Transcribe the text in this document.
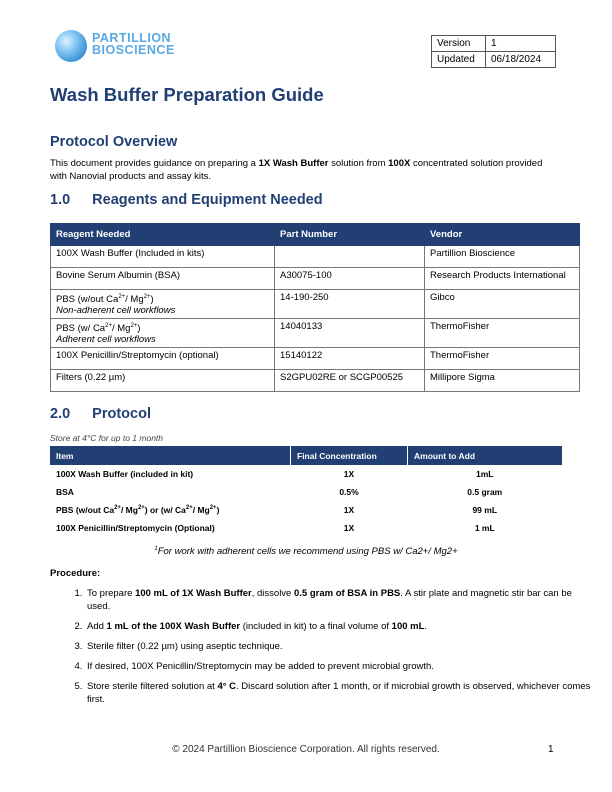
PARTILLION
BIOSCIENCE	Version	1
Updated	06/18/2024
Wash Buffer Preparation Guide
Protocol Overview
This document provides guidance on preparing a 1X Wash Buffer solution from 100X concentrated solution provided with Nanovial products and assay kits.
1.0 Reagents and Equipment Needed
Reagent Needed	Part Number	Vendor
100X Wash Buffer (Included in kits)		Partillion Bioscience
Bovine Serum Albumin (BSA)	A30075-100	Research Products International

PBS (w/out $Ca^{2+}/$ $Mg^{2+}$)
Non-adherent cell workflows	14-190-250	Gibco

PBS (w/ $Ca^{2+}/$ $Mg^{2+}$)
Adherent cell workflows	14040133	ThermoFisher
100X Penicillin/Streptomycin (optional)	15140122	ThermoFisher
Filters (0.22 µm)	S2GPU02RE or SCGP00525	Millipore Sigma
2.0 Protocol
Store at 4°C for up to 1 month
Item	Final Concentration	Amount to Add
100X Wash Buffer (included in kit)	1X	1mL
BSA	0.5%	0.5 gram
PBS (w/out $Ca^{2+}/$ $Mg^{2+}$) or (w/ $Ca^{2+}/$ $Mg^{2+}$)	1X	99 mL
100X Penicillin/Streptomycin (Optional)	1X	1 mL
$^1$For work with adherent cells we recommend using PBS w/ Ca2+/ Mg2+
Procedure:
1. To prepare 100 mL of 1X Wash Buffer, dissolve 0.5 gram of BSA in PBS. A stir plate and magnetic stir bar can be used.
2. Add 1 mL of the 100X Wash Buffer (included in kit) to a final volume of 100 mL.
3. Sterile filter (0.22 µm) using aseptic technique.
4. If desired, 100X Penicillin/Streptomycin may be added to prevent microbial growth.
5. Store sterile filtered solution at 4° C. Discard solution after 1 month, or if microbial growth is observed, whichever comes first.
© 2024 Partillion Bioscience Corporation. All rights reserved.	1
